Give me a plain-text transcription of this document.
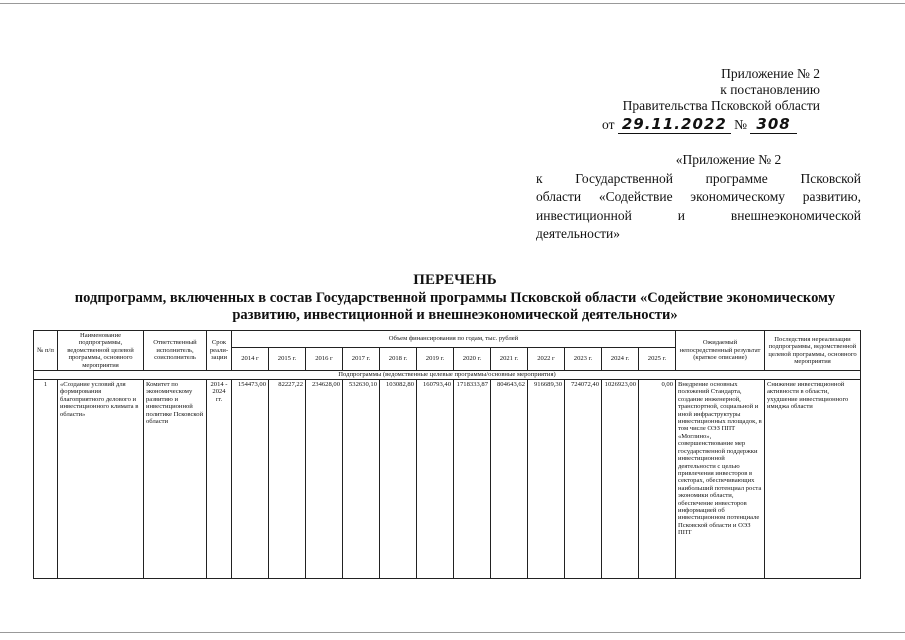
Приложение № 2
к постановлению
Правительства Псковской области
от 29.11.2022 № 308
«Приложение № 2
к Государственной программе Псковской
области «Содействие экономическому развитию,
инвестиционной и внешнеэкономической
деятельности»
ПЕРЕЧЕНЬ
подпрограмм, включенных в состав Государственной программы Псковской области «Содействие экономическому
развитию, инвестиционной и внешнеэкономической деятельности»
№ п/п	Наименование подпрограммы, ведомственной целевой программы, основного мероприятия	Ответственный исполнитель, соисполнитель	Срок реали-зации	Объем финансирования по годам, тыс. рублей												Ожидаемый непосредственный результат (краткое описание)	Последствия нереализации подпрограммы, ведомственной целевой программы, основного мероприятия
				2014 г	2015 г.	2016 г	2017 г.	2018 г.	2019 г.	2020 г.	2021 г.	2022 г	2023 г.	2024 г.	2025 г.		
Подпрограммы (ведомственные целевые программы/основные мероприятия)																	
1	«Создание условий для формирования благоприятного делового и инвестиционного климата в области»	Комитет по экономическому развитию и инвестиционной политике Псковской области	2014 - 2024 гг.	154473,00	82227,22	234628,00	532630,10	103082,80	160793,40	1718333,87	804643,62	916689,30	724072,40	1026923,00	0,00	Внедрение основных положений Стандарта, создание инженерной, транспортной, социальной и иной инфраструктуры инвестиционных площадок, в том числе ОЭЗ ППТ «Моглино», совершенствование мер государственной поддержки инвестиционной деятельности с целью привлечения инвесторов в секторах, обеспечивающих наибольший потенциал роста экономики области, обеспечение инвесторов информацией об инвестиционном потенциале Псковской области и ОЭЗ ППТ	Снижение инвестиционной активности в области, ухудшение инвестиционного имиджа области
